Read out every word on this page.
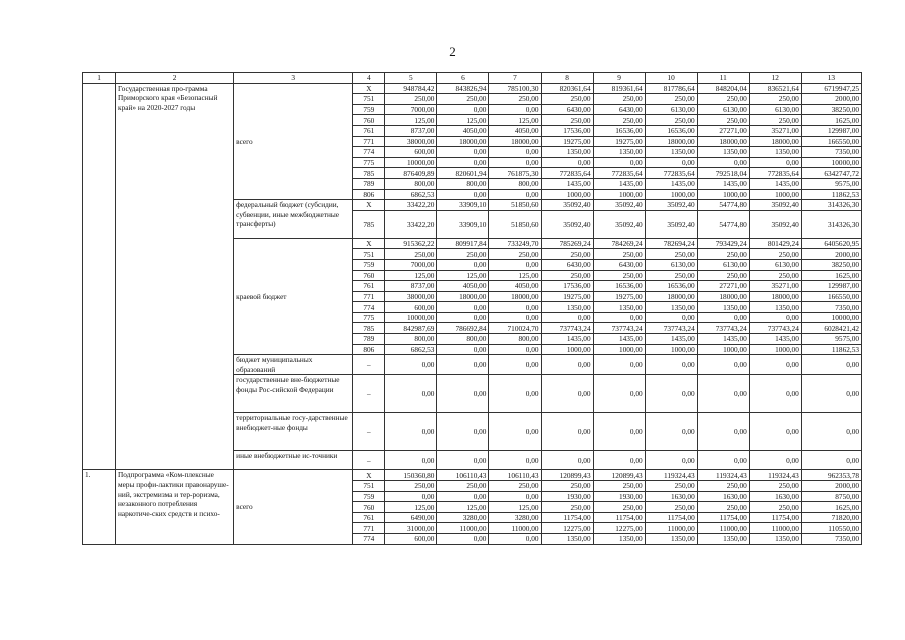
2
1	2	3	4	5	6	7	8	9	10	11	12	13
	Государственная про-грамма Приморского края «Безопасный край» на 2020-2027 годы	всего	X	948784,42	843826,94	785100,30	820361,64	819361,64	817786,64	848204,04	836521,64	6719947,25
			751	250,00	250,00	250,00	250,00	250,00	250,00	250,00	250,00	2000,00
			759	7000,00	0,00	0,00	6430,00	6430,00	6130,00	6130,00	6130,00	38250,00
			760	125,00	125,00	125,00	250,00	250,00	250,00	250,00	250,00	1625,00
			761	8737,00	4050,00	4050,00	17536,00	16536,00	16536,00	27271,00	35271,00	129987,00
			771	38000,00	18000,00	18000,00	19275,00	19275,00	18000,00	18000,00	18000,00	166550,00
			774	600,00	0,00	0,00	1350,00	1350,00	1350,00	1350,00	1350,00	7350,00
			775	10000,00	0,00	0,00	0,00	0,00	0,00	0,00	0,00	10000,00
			785	876409,89	820601,94	761875,30	772835,64	772835,64	772835,64	792518,04	772835,64	6342747,72
			789	800,00	800,00	800,00	1435,00	1435,00	1435,00	1435,00	1435,00	9575,00
			806	6862,53	0,00	0,00	1000,00	1000,00	1000,00	1000,00	1000,00	11862,53
		федеральный бюджет (субсидии, субвенции, иные межбюджетные трансферты)	X	33422,20	33909,10	51850,60	35092,40	35092,40	35092,40	54774,80	35092,40	314326,30
			785	33422,20	33909,10	51850,60	35092,40	35092,40	35092,40	54774,80	35092,40	314326,30
		краевой бюджет	X	915362,22	809917,84	733249,70	785269,24	784269,24	782694,24	793429,24	801429,24	6405620,95
			751	250,00	250,00	250,00	250,00	250,00	250,00	250,00	250,00	2000,00
			759	7000,00	0,00	0,00	6430,00	6430,00	6130,00	6130,00	6130,00	38250,00
			760	125,00	125,00	125,00	250,00	250,00	250,00	250,00	250,00	1625,00
			761	8737,00	4050,00	4050,00	17536,00	16536,00	16536,00	27271,00	35271,00	129987,00
			771	38000,00	18000,00	18000,00	19275,00	19275,00	18000,00	18000,00	18000,00	166550,00
			774	600,00	0,00	0,00	1350,00	1350,00	1350,00	1350,00	1350,00	7350,00
			775	10000,00	0,00	0,00	0,00	0,00	0,00	0,00	0,00	10000,00
			785	842987,69	786692,84	710024,70	737743,24	737743,24	737743,24	737743,24	737743,24	6028421,42
			789	800,00	800,00	800,00	1435,00	1435,00	1435,00	1435,00	1435,00	9575,00
			806	6862,53	0,00	0,00	1000,00	1000,00	1000,00	1000,00	1000,00	11862,53
		бюджет муниципальных образований	–	0,00	0,00	0,00	0,00	0,00	0,00	0,00	0,00	0,00
		государственные вне-бюджетные фонды Рос-сийской Федерации	–	0,00	0,00	0,00	0,00	0,00	0,00	0,00	0,00	0,00
		территориальные госу-дарственные внебюджет-ные фонды	–	0,00	0,00	0,00	0,00	0,00	0,00	0,00	0,00	0,00
		иные внебюджетные ис-точники	–	0,00	0,00	0,00	0,00	0,00	0,00	0,00	0,00	0,00
1.	Подпрограмма «Ком-плексные меры профи-лактики правонаруше-ний, экстремизма и тер-роризма, незаконного потребления наркотиче-ских средств и психо-	всего	X	150360,80	106110,43	106110,43	120899,43	120899,43	119324,43	119324,43	119324,43	962353,78
			751	250,00	250,00	250,00	250,00	250,00	250,00	250,00	250,00	2000,00
			759	0,00	0,00	0,00	1930,00	1930,00	1630,00	1630,00	1630,00	8750,00
			760	125,00	125,00	125,00	250,00	250,00	250,00	250,00	250,00	1625,00
			761	6490,00	3280,00	3280,00	11754,00	11754,00	11754,00	11754,00	11754,00	71820,00
			771	31000,00	11000,00	11000,00	12275,00	12275,00	11000,00	11000,00	11000,00	110550,00
			774	600,00	0,00	0,00	1350,00	1350,00	1350,00	1350,00	1350,00	7350,00
